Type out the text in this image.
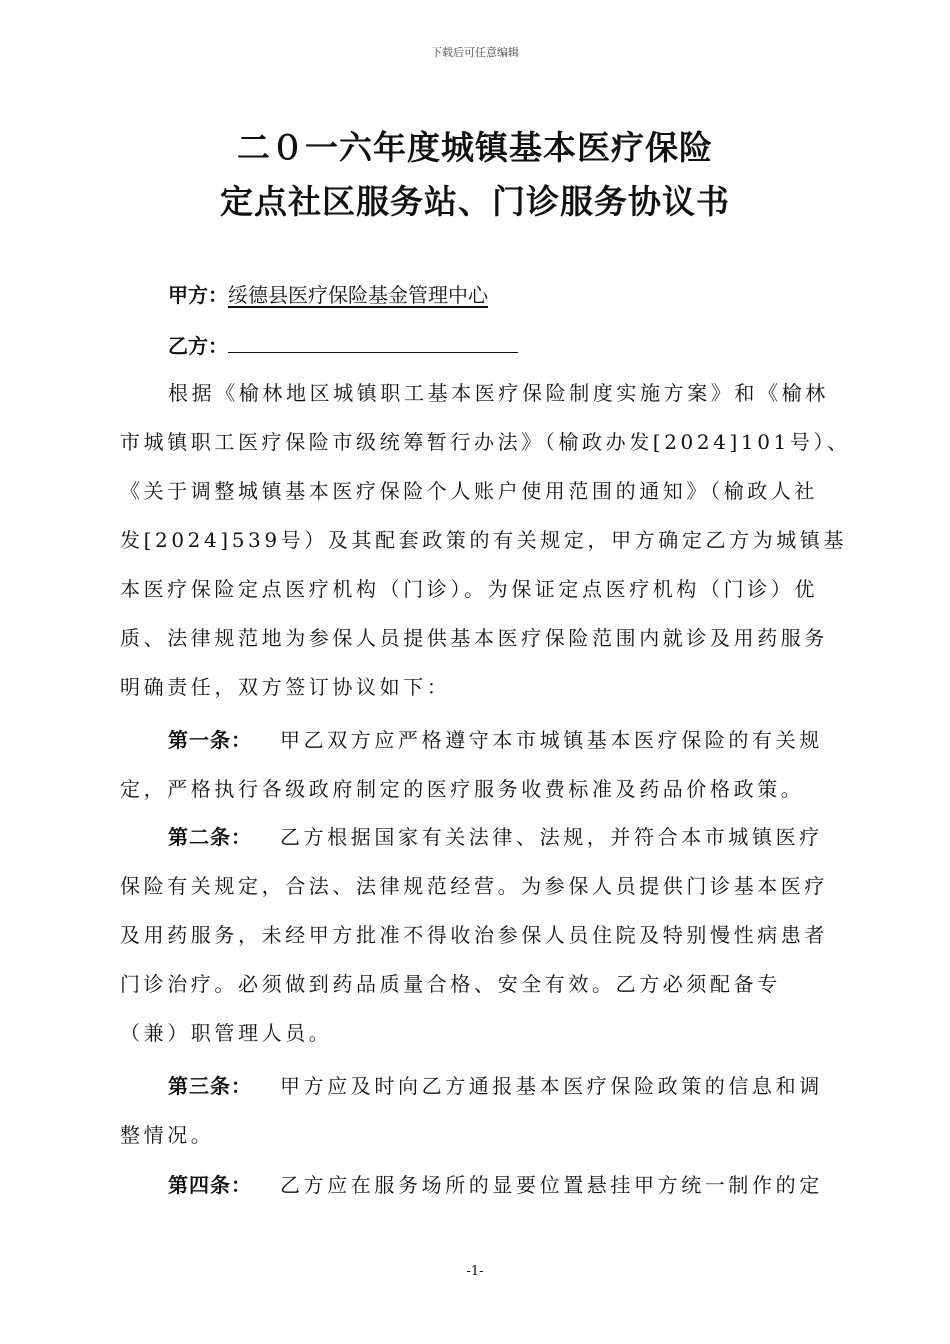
下载后可任意编辑
二０一六年度城镇基本医疗保险
定点社区服务站、门诊服务协议书
甲方：绥德县医疗保险基金管理中心
乙方：
根据《榆林地区城镇职工基本医疗保险制度实施方案》和《榆林
市城镇职工医疗保险市级统筹暂行办法》（榆政办发[2024]101号）、
《关于调整城镇基本医疗保险个人账户使用范围的通知》（榆政人社
发[2024]539号）及其配套政策的有关规定，甲方确定乙方为城镇基
本医疗保险定点医疗机构（门诊）。为保证定点医疗机构（门诊）优
质、法律规范地为参保人员提供基本医疗保险范围内就诊及用药服务
明确责任，双方签订协议如下：
第一条： 甲乙双方应严格遵守本市城镇基本医疗保险的有关规
定，严格执行各级政府制定的医疗服务收费标准及药品价格政策。
第二条： 乙方根据国家有关法律、法规，并符合本市城镇医疗
保险有关规定，合法、法律规范经营。为参保人员提供门诊基本医疗
及用药服务，未经甲方批准不得收治参保人员住院及特别慢性病患者
门诊治疗。必须做到药品质量合格、安全有效。乙方必须配备专
（兼）职管理人员。
第三条： 甲方应及时向乙方通报基本医疗保险政策的信息和调
整情况。
第四条： 乙方应在服务场所的显要位置悬挂甲方统一制作的定
-1-
